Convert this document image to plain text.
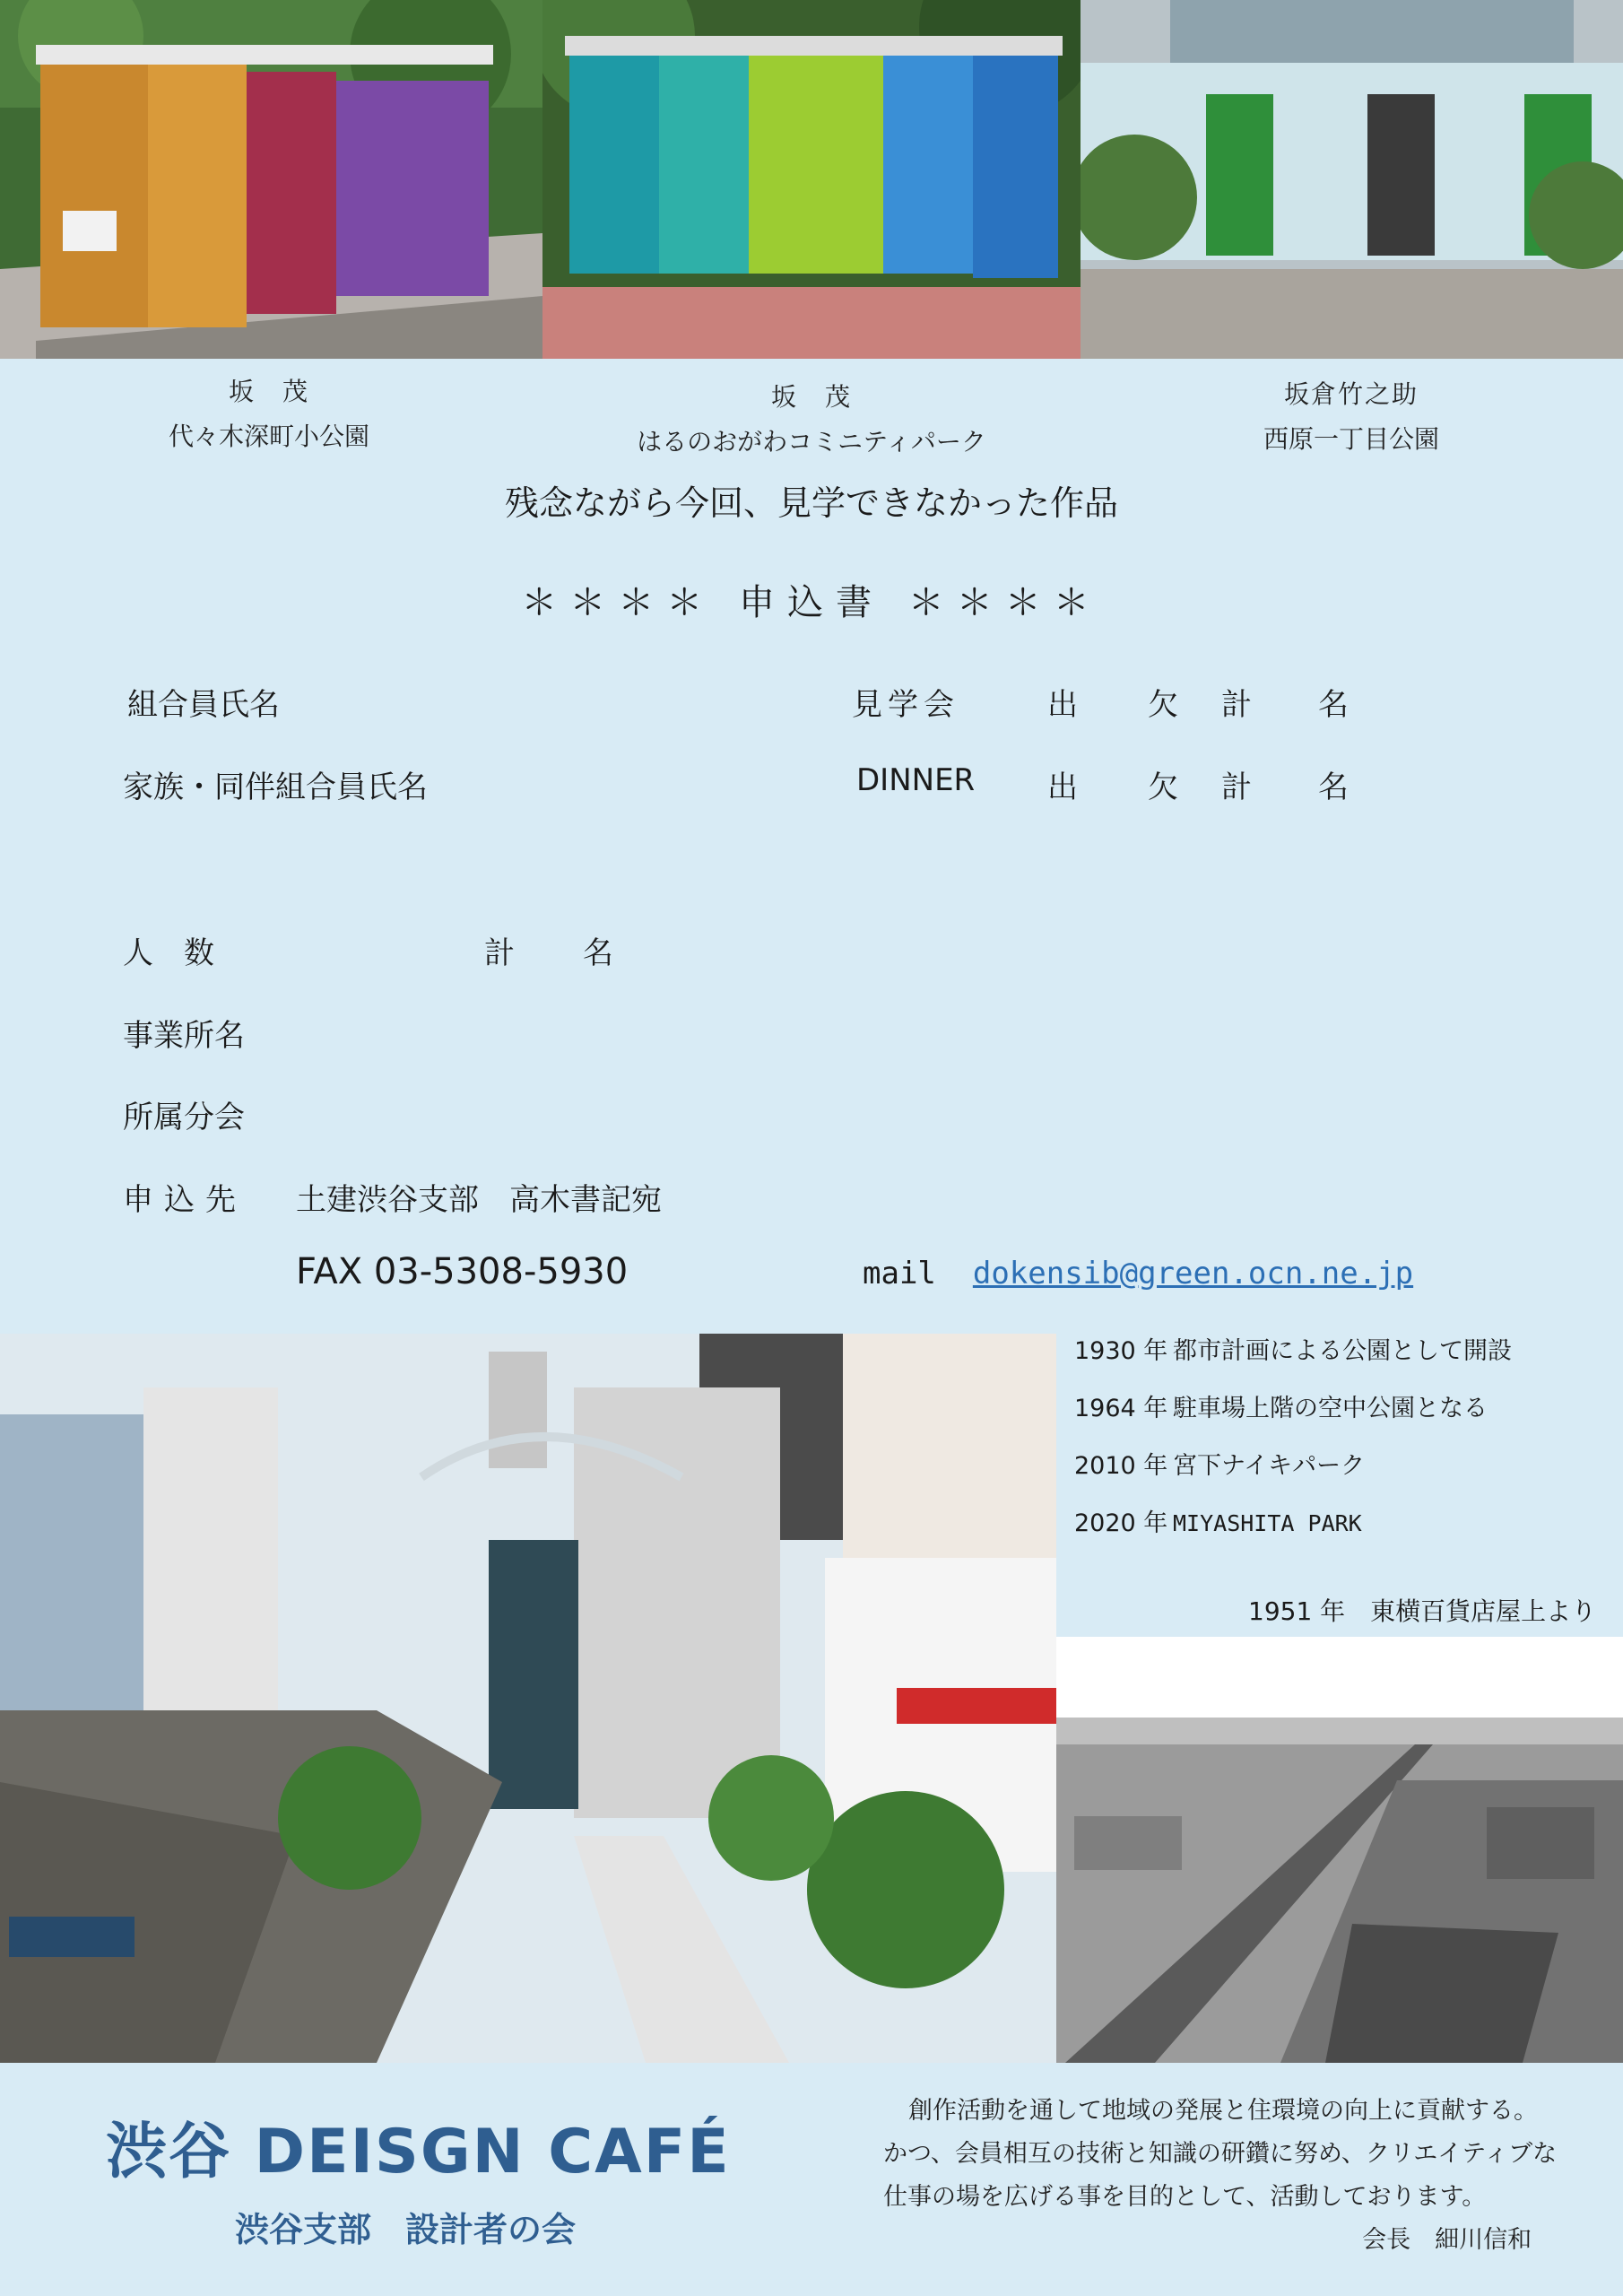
坂　茂
代々木深町小公園
坂　茂
はるのおがわコミニティパーク
坂倉竹之助
西原一丁目公園
残念ながら今回、見学できなかった作品
＊＊＊＊ 申込書 ＊＊＊＊
組合員氏名	見学会	出 欠 計 名
家族・同伴組合員氏名	DINNER 出 欠 計 名
人　数	計 名
事業所名
所属分会
申込先 土建渋谷支部　高木書記宛
FAX 03-5308-5930	mail dokensib@green.ocn.ne.jp
1930 年 都市計画による公園として開設
1964 年 駐車場上階の空中公園となる
2010 年 宮下ナイキパーク
2020 年 MIYASHITA PARK
1951 年　東横百貨店屋上より
渋谷 DEISGN CAFÉ
渋谷支部　設計者の会
創作活動を通して地域の発展と住環境の向上に貢献する。
かつ、会員相互の技術と知識の研鑽に努め、クリエイティブな
仕事の場を広げる事を目的として、活動しております。
会長　細川信和
